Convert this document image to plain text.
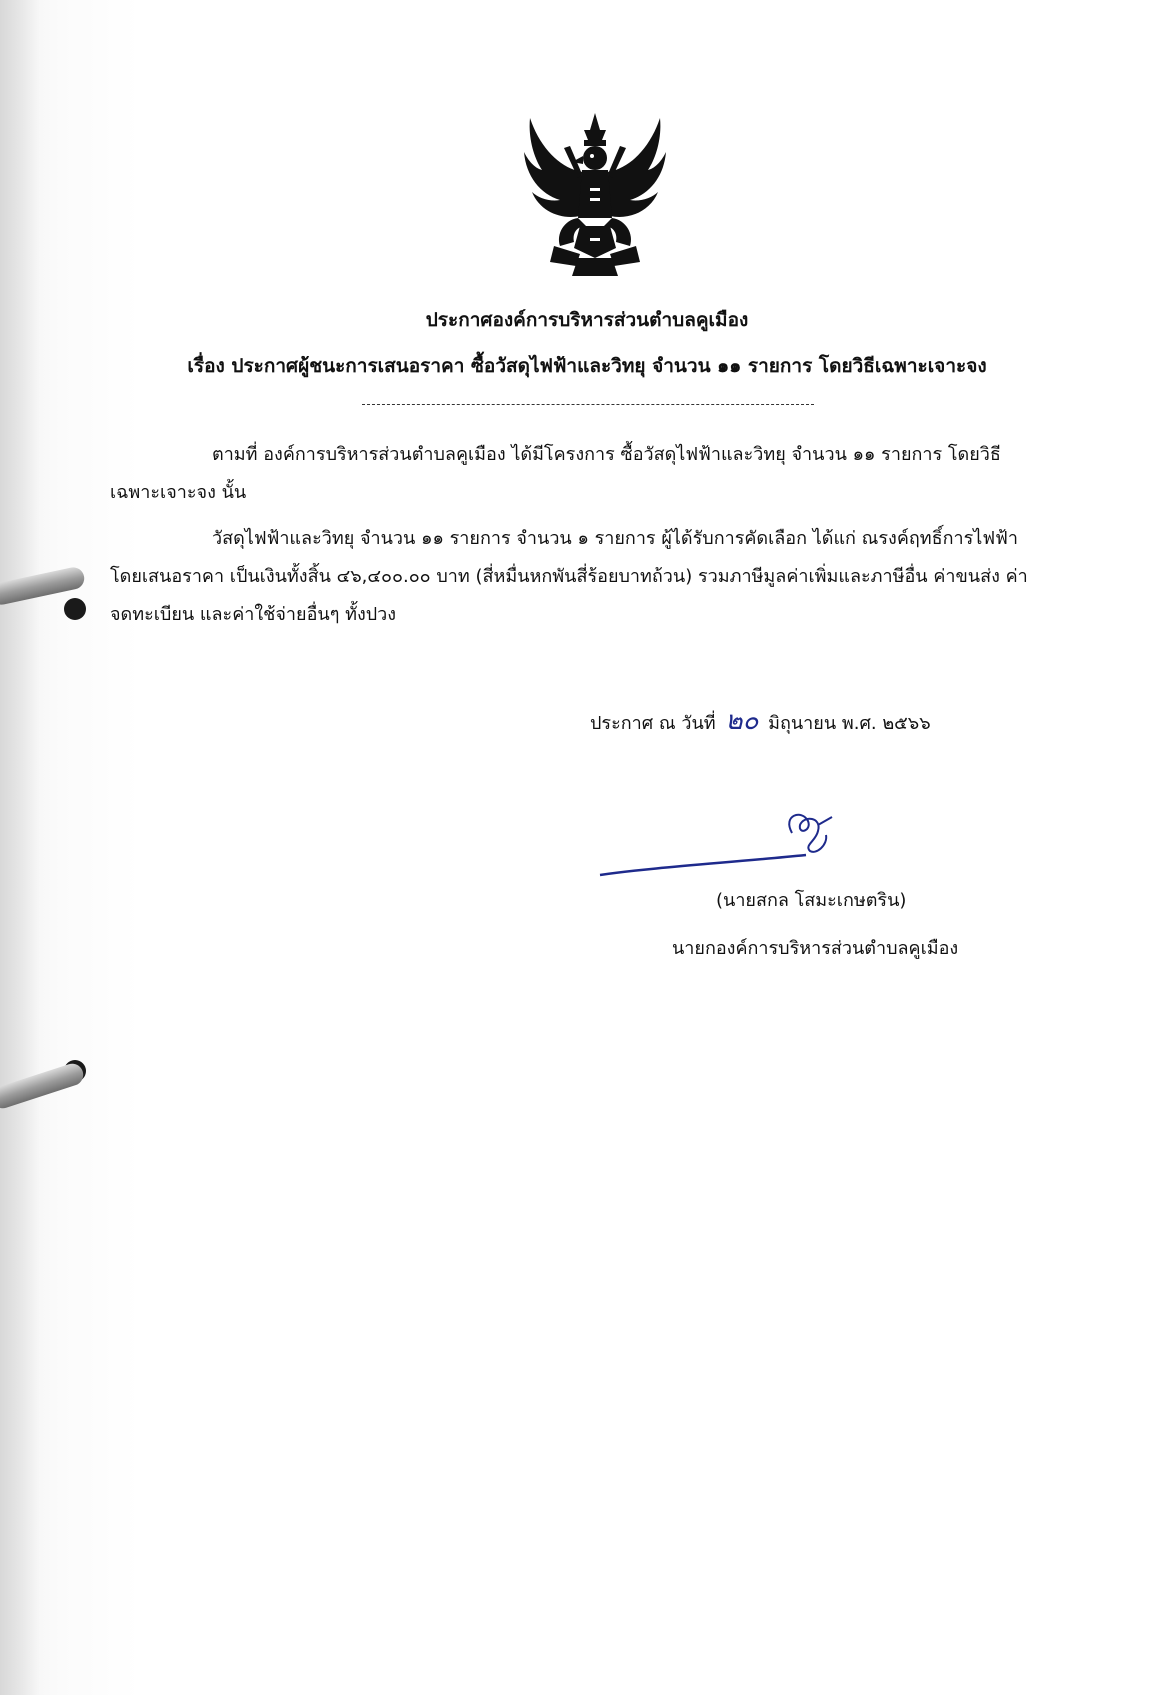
ประกาศองค์การบริหารส่วนตำบลคูเมือง
เรื่อง ประกาศผู้ชนะการเสนอราคา ซื้อวัสดุไฟฟ้าและวิทยุ จำนวน ๑๑ รายการ โดยวิธีเฉพาะเจาะจง
ตามที่ องค์การบริหารส่วนตำบลคูเมือง ได้มีโครงการ ซื้อวัสดุไฟฟ้าและวิทยุ จำนวน ๑๑ รายการ โดยวิธีเฉพาะเจาะจง นั้น
วัสดุไฟฟ้าและวิทยุ จำนวน ๑๑ รายการ จำนวน ๑ รายการ ผู้ได้รับการคัดเลือก ได้แก่ ณรงค์ฤทธิ์การไฟฟ้า โดยเสนอราคา เป็นเงินทั้งสิ้น ๔๖,๔๐๐.๐๐ บาท (สี่หมื่นหกพันสี่ร้อยบาทถ้วน) รวมภาษีมูลค่าเพิ่มและภาษีอื่น ค่าขนส่ง ค่าจดทะเบียน และค่าใช้จ่ายอื่นๆ ทั้งปวง
ประกาศ ณ วันที่ ๒๐ มิถุนายน พ.ศ. ๒๕๖๖
(นายสกล โสมะเกษตริน)
นายกองค์การบริหารส่วนตำบลคูเมือง
